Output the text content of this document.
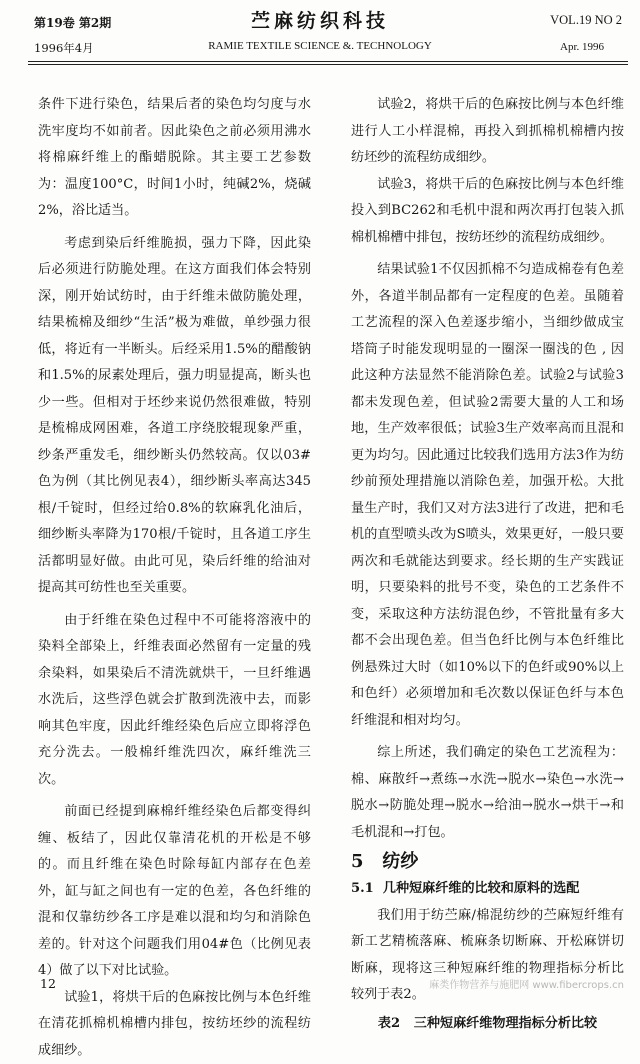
第19卷 第2期
1996年4月
苎麻纺织科技
RAMIE TEXTILE SCIENCE &. TECHNOLOGY
VOL.19 NO 2
Apr. 1996

条件下进行染色，结果后者的染色均匀度与水洗牢度均不如前者。因此染色之前必须用沸水将棉麻纤维上的酯蜡脱除。其主要工艺参数为：温度100°C，时间1小时，纯碱2%，烧碱2%，浴比适当。

考虑到染后纤维脆损，强力下降，因此染后必须进行防脆处理。在这方面我们体会特别深，刚开始试纺时，由于纤维未做防脆处理，结果梳棉及细纱“生活”极为难做，单纱强力很低，将近有一半断头。后经采用1.5%的醋酸钠和1.5%的尿素处理后，强力明显提高，断头也少一些。但相对于坯纱来说仍然很难做，特别是梳棉成网困难，各道工序绕胶辊现象严重，纱条严重发毛，细纱断头仍然较高。仅以03#色为例（其比例见表4），细纱断头率高达345根/千锭时，但经过给0.8%的软麻乳化油后，细纱断头率降为170根/千锭时，且各道工序生活都明显好做。由此可见，染后纤维的给油对提高其可纺性也至关重要。

由于纤维在染色过程中不可能将溶液中的染料全部染上，纤维表面必然留有一定量的残余染料，如果染后不清洗就烘干，一旦纤维遇水洗后，这些浮色就会扩散到洗液中去，而影响其色牢度，因此纤维经染色后应立即将浮色充分洗去。一般棉纤维洗四次，麻纤维洗三次。

前面已经提到麻棉纤维经染色后都变得纠缠、板结了，因此仅靠清花机的开松是不够的。而且纤维在染色时除每缸内部存在色差外，缸与缸之间也有一定的色差，各色纤维的混和仅靠纺纱各工序是难以混和均匀和消除色差的。针对这个问题我们用04#色（比例见表4）做了以下对比试验。

试验1，将烘干后的色麻按比例与本色纤维在清花抓棉机棉槽内排包，按纺坯纱的流程纺成细纱。

试验2，将烘干后的色麻按比例与本色纤维进行人工小样混棉，再投入到抓棉机棉槽内按纺坯纱的流程纺成细纱。

试验3，将烘干后的色麻按比例与本色纤维投入到BC262和毛机中混和两次再打包装入抓棉机棉槽中排包，按纺坯纱的流程纺成细纱。

结果试验1不仅因抓棉不匀造成棉卷有色差外，各道半制品都有一定程度的色差。虽随着工艺流程的深入色差逐步缩小，当细纱做成宝塔筒子时能发现明显的一圈深一圈浅的色 , 因此这种方法显然不能消除色差。试验2与试验3都未发现色差，但试验2需要大量的人工和场地，生产效率很低；试验3生产效率高而且混和更为均匀。因此通过比较我们选用方法3作为纺纱前预处理措施以消除色差，加强开松。大批量生产时，我们又对方法3进行了改进，把和毛机的直型喷头改为S喷头，效果更好，一般只要两次和毛就能达到要求。经长期的生产实践证明，只要染料的批号不变，染色的工艺条件不变，采取这种方法纺混色纱，不管批量有多大都不会出现色差。但当色纤比例与本色纤维比例悬殊过大时（如10%以下的色纤或90%以上和色纤）必须增加和毛次数以保证色纤与本色纤维混和相对均匀。

综上所述，我们确定的染色工艺流程为：棉、麻散纤→煮练→水洗→脱水→染色→水洗→脱水→防脆处理→脱水→给油→脱水→烘干→和毛机混和→打包。

5 纺纱

5.1 几种短麻纤维的比较和原料的选配

我们用于纺苎麻/棉混纺纱的苎麻短纤维有新工艺精梳落麻、梳麻条切断麻、开松麻饼切断麻，现将这三种短麻纤维的物理指标分析比较列于表2。

表2 三种短麻纤维物理指标分析比较

12	麻类作物营养与施肥网 www.fibercrops.cn
